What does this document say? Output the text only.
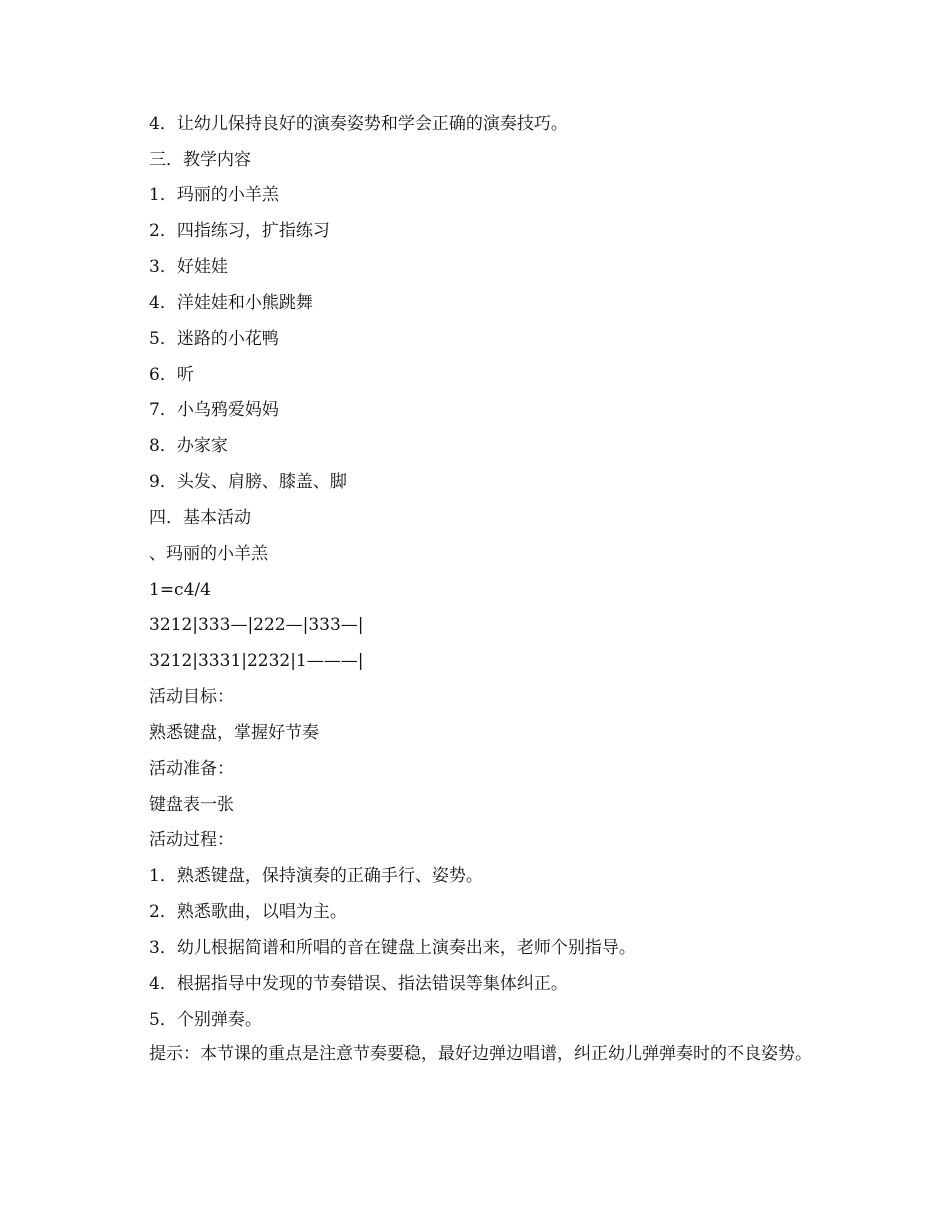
4．让幼儿保持良好的演奏姿势和学会正确的演奏技巧。
三．教学内容
1．玛丽的小羊羔
2．四指练习，扩指练习
3．好娃娃
4．洋娃娃和小熊跳舞
5．迷路的小花鸭
6．听
7．小乌鸦爱妈妈
8．办家家
9．头发、肩膀、膝盖、脚
四．基本活动
、玛丽的小羊羔
1=c4/4
3212|333—|222—|333—|
3212|3331|2232|1———|
活动目标：
熟悉键盘，掌握好节奏
活动准备：
键盘表一张
活动过程：
1．熟悉键盘，保持演奏的正确手行、姿势。
2．熟悉歌曲，以唱为主。
3．幼儿根据简谱和所唱的音在键盘上演奏出来，老师个别指导。
4．根据指导中发现的节奏错误、指法错误等集体纠正。
5．个别弹奏。
提示：本节课的重点是注意节奏要稳，最好边弹边唱谱，纠正幼儿弹弹奏时的不良姿势。
